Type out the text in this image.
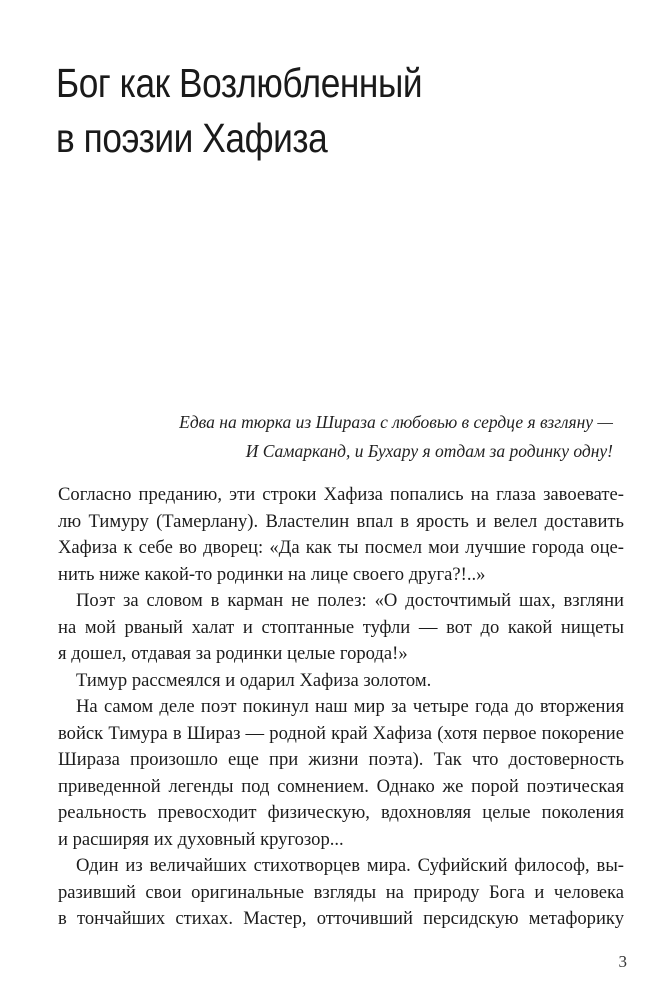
Бог как Возлюбленный
в поэзии Хафиза
Едва на тюрка из Шираза с любовью в сердце я взгляну —
И Самарканд, и Бухару я отдам за родинку одну!
Согласно преданию, эти строки Хафиза попались на глаза завоевате-
лю Тимуру (Тамерлану). Властелин впал в ярость и велел доставить
Хафиза к себе во дворец: «Да как ты посмел мои лучшие города оце-
нить ниже какой-то родинки на лице своего друга?!..»
Поэт за словом в карман не полез: «О досточтимый шах, взгляни
на мой рваный халат и стоптанные туфли — вот до какой нищеты
я дошел, отдавая за родинки целые города!»
Тимур рассмеялся и одарил Хафиза золотом.
На самом деле поэт покинул наш мир за четыре года до вторжения
войск Тимура в Шираз — родной край Хафиза (хотя первое покорение
Шираза произошло еще при жизни поэта). Так что достоверность
приведенной легенды под сомнением. Однако же порой поэтическая
реальность превосходит физическую, вдохновляя целые поколения
и расширяя их духовный кругозор...
Один из величайших стихотворцев мира. Суфийский философ, вы-
разивший свои оригинальные взгляды на природу Бога и человека
в тончайших стихах. Мастер, отточивший персидскую метафорику
3
